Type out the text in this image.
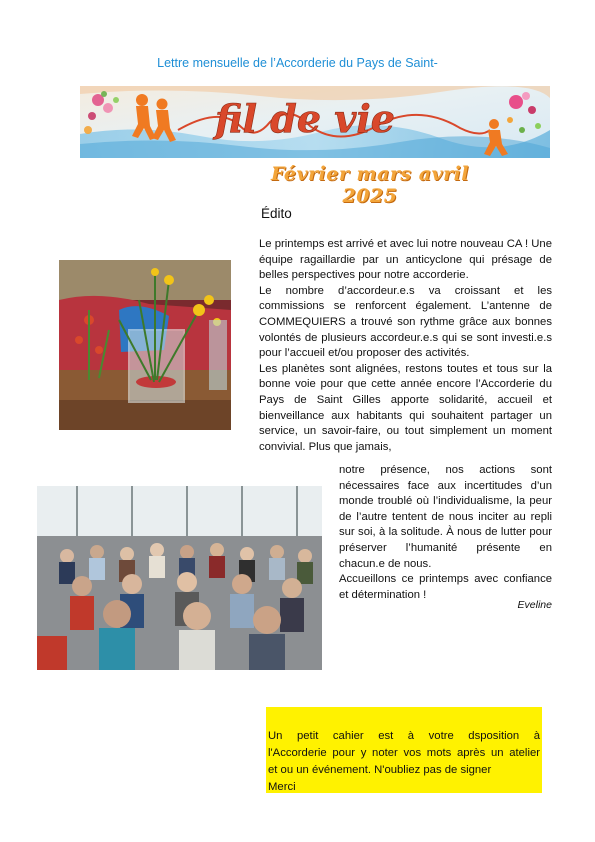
Lettre mensuelle de l’Accorderie du Pays de Saint-
fil de vie
Février mars avril 2025
Édito
Le printemps est arrivé et avec lui notre nouveau CA ! Une équipe ragaillardie par un anticyclone qui présage de belles perspectives pour notre accorderie.
Le nombre d’accordeur.e.s va croissant et les commissions se renforcent également. L’antenne de COMMEQUIERS a trouvé son rythme grâce aux bonnes volontés de plusieurs accordeur.e.s qui se sont investi.e.s pour l’accueil et/ou proposer des activités.
Les planètes sont alignées, restons toutes et tous sur la bonne voie pour que cette année encore l’Accorderie du Pays de Saint Gilles apporte solidarité, accueil et bienveillance aux habitants qui souhaitent partager un service, un savoir-faire, ou tout simplement un moment convivial. Plus que jamais,
notre présence, nos actions sont nécessaires face aux incertitudes d’un monde troublé où l’individualisme, la peur de l’autre tentent de nous inciter au repli sur soi, à la solitude. À nous de lutter pour préserver l’humanité présente en chacun.e de nous.
Accueillons ce printemps avec confiance et détermination !
Eveline
Un petit cahier est à votre dsposition à
l'Accorderie pour y noter vos mots après un atelier
et ou un événement. N'oubliez pas de signer
Merci
